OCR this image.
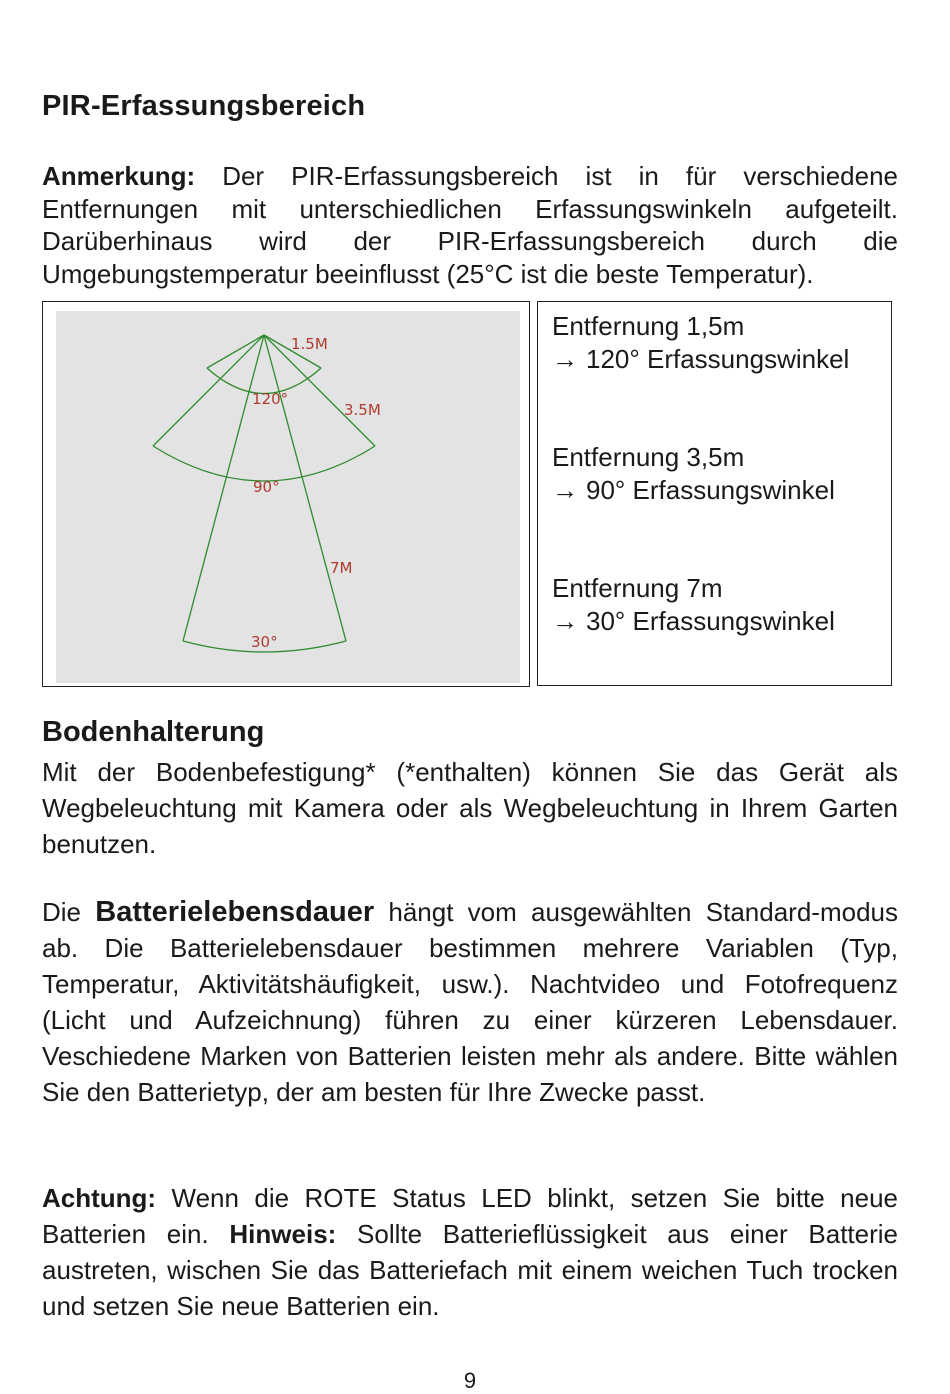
PIR-Erfassungsbereich

Anmerkung: Der PIR-Erfassungsbereich ist in für verschiedene Entfernungen mit unterschiedlichen Erfassungswinkeln aufgeteilt. Darüberhinaus wird der PIR-Erfassungsbereich durch die Umgebungstemperatur beeinflusst (25°C ist die beste Temperatur).

1.5M
120°
3.5M
90°
7M
30°
Entfernung 1,5m
→ 120° Erfassungswinkel
Entfernung 3,5m
→ 90° Erfassungswinkel
Entfernung 7m
→ 30° Erfassungswinkel
Bodenhalterung

Mit der Bodenbefestigung* (*enthalten) können Sie das Gerät als Wegbeleuchtung mit Kamera oder als Wegbeleuchtung in Ihrem Garten benutzen.

Die Batterielebensdauer hängt vom ausgewählten Standard-modus ab. Die Batterielebensdauer bestimmen mehrere Variablen (Typ, Temperatur, Aktivitätshäufigkeit, usw.). Nachtvideo und Fotofrequenz (Licht und Aufzeichnung) führen zu einer kürzeren Lebensdauer. Veschiedene Marken von Batterien leisten mehr als andere. Bitte wählen Sie den Batterietyp, der am besten für Ihre Zwecke passt.

Achtung: Wenn die ROTE Status LED blinkt, setzen Sie bitte neue Batterien ein. Hinweis: Sollte Batterieflüssigkeit aus einer Batterie austreten, wischen Sie das Batteriefach mit einem weichen Tuch trocken und setzen Sie neue Batterien ein.

9
